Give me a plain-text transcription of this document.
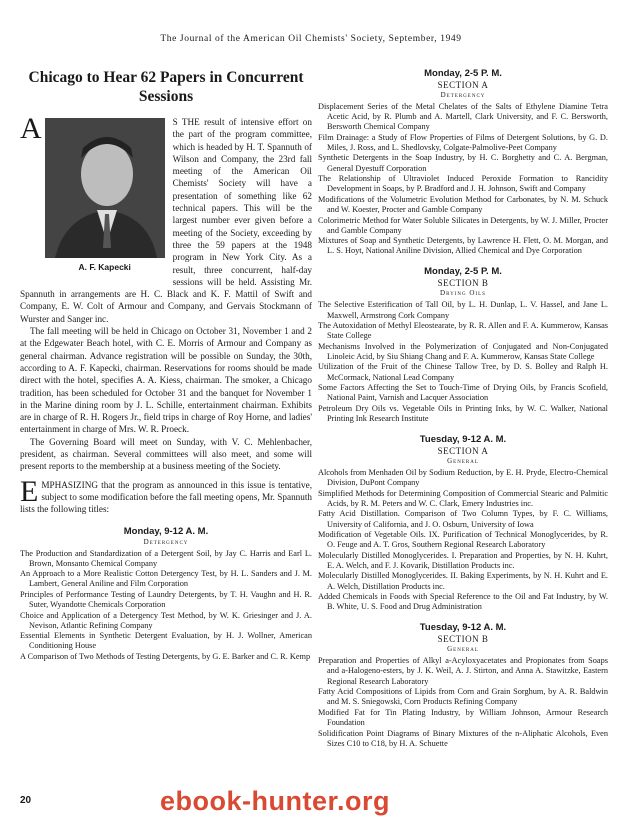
The Journal of the American Oil Chemists' Society, September, 1949
Chicago to Hear 62 Papers in Concurrent Sessions

A
A. F. Kapecki
S THE result of intensive effort on the part of the program committee, which is headed by H. T. Spannuth of Wilson and Company, the 23rd fall meeting of the American Oil Chemists' Society will have a presentation of something like 62 technical papers. This will be the largest number ever given before a meeting of the Society, exceeding by three the 59 papers at the 1948 program in New York City. As a result, three concurrent, half-day sessions will be held. Assisting Mr. Spannuth in arrangements are H. C. Black and K. F. Mattil of Swift and Company, E. W. Colt of Armour and Company, and Gervais Stockmann of Wurster and Sanger inc.

The fall meeting will be held in Chicago on October 31, November 1 and 2 at the Edgewater Beach hotel, with C. E. Morris of Armour and Company as general chairman. Advance registration will be possible on Sunday, the 30th, according to A. F. Kapecki, chairman. Reservations for rooms should be made direct with the hotel, specifies A. A. Kiess, chairman. The smoker, a Chicago tradition, has been scheduled for October 31 and the banquet for November 1 in the Marine dining room by J. L. Schille, entertainment chairman. Exhibits are in charge of R. H. Rogers Jr., field trips in charge of Roy Horne, and ladies' entertainment in charge of Mrs. W. R. Proeck.

The Governing Board will meet on Sunday, with V. C. Mehlenbacher, president, as chairman. Several committees will also meet, and some will present reports to the membership at a business meeting of the Society.

EMPHASIZING that the program as announced in this issue is tentative, subject to some modification before the fall meeting opens, Mr. Spannuth lists the following titles:

Monday, 9-12 A. M.
Detergency
The Production and Standardization of a Detergent Soil, by Jay C. Harris and Earl L. Brown, Monsanto Chemical Company
An Approach to a More Realistic Cotton Detergency Test, by H. L. Sanders and J. M. Lambert, General Aniline and Film Corporation
Principles of Performance Testing of Laundry Detergents, by T. H. Vaughn and H. R. Suter, Wyandotte Chemicals Corporation
Choice and Application of a Detergency Test Method, by W. K. Griesinger and J. A. Nevison, Atlantic Refining Company
Essential Elements in Synthetic Detergent Evaluation, by H. J. Wollner, American Conditioning House
A Comparison of Two Methods of Testing Detergents, by G. E. Barker and C. R. Kemp
Monday, 2-5 P. M.
SECTION A
Detergency
Displacement Series of the Metal Chelates of the Salts of Ethylene Diamine Tetra Acetic Acid, by R. Plumb and A. Martell, Clark University, and F. C. Bersworth, Bersworth Chemical Company
Film Drainage: a Study of Flow Properties of Films of Detergent Solutions, by G. D. Miles, J. Ross, and L. Shedlovsky, Colgate-Palmolive-Peet Company
Synthetic Detergents in the Soap Industry, by H. C. Borghetty and C. A. Bergman, General Dyestuff Corporation
The Relationship of Ultraviolet Induced Peroxide Formation to Rancidity Development in Soaps, by P. Bradford and J. H. Johnson, Swift and Company
Modifications of the Volumetric Evolution Method for Carbonates, by N. M. Schuck and W. Koester, Procter and Gamble Company
Colorimetric Method for Water Soluble Silicates in Detergents, by W. J. Miller, Procter and Gamble Company
Mixtures of Soap and Synthetic Detergents, by Lawrence H. Flett, O. M. Morgan, and L. S. Hoyt, National Aniline Division, Allied Chemical and Dye Corporation
Monday, 2-5 P. M.
SECTION B
Drying Oils
The Selective Esterification of Tall Oil, by L. H. Dunlap, L. V. Hassel, and Jane L. Maxwell, Armstrong Cork Company
The Autoxidation of Methyl Eleostearate, by R. R. Allen and F. A. Kummerow, Kansas State College
Mechanisms Involved in the Polymerization of Conjugated and Non-Conjugated Linoleic Acid, by Siu Shiang Chang and F. A. Kummerow, Kansas State College
Utilization of the Fruit of the Chinese Tallow Tree, by D. S. Bolley and Ralph H. McCormack, National Lead Company
Some Factors Affecting the Set to Touch-Time of Drying Oils, by Francis Scofield, National Paint, Varnish and Lacquer Association
Petroleum Dry Oils vs. Vegetable Oils in Printing Inks, by W. C. Walker, National Printing Ink Research Institute
Tuesday, 9-12 A. M.
SECTION A
General
Alcohols from Menhaden Oil by Sodium Reduction, by E. H. Pryde, Electro-Chemical Division, DuPont Company
Simplified Methods for Determining Composition of Commercial Stearic and Palmitic Acids, by R. M. Peters and W. C. Clark, Emery Industries inc.
Fatty Acid Distillation. Comparison of Two Column Types, by F. C. Williams, University of California, and J. O. Osburn, University of Iowa
Modification of Vegetable Oils. IX. Purification of Technical Monoglycerides, by R. O. Feuge and A. T. Gros, Southern Regional Research Laboratory
Molecularly Distilled Monoglycerides. I. Preparation and Properties, by N. H. Kuhrt, E. A. Welch, and F. J. Kovarik, Distillation Products inc.
Molecularly Distilled Monoglycerides. II. Baking Experiments, by N. H. Kuhrt and E. A. Welch, Distillation Products inc.
Added Chemicals in Foods with Special Reference to the Oil and Fat Industry, by W. B. White, U. S. Food and Drug Administration
Tuesday, 9-12 A. M.
SECTION B
General
Preparation and Properties of Alkyl a-Acyloxyacetates and Propionates from Soaps and a-Halogeno-esters, by J. K. Weil, A. J. Stirton, and Anna A. Stawitzke, Eastern Regional Research Laboratory
Fatty Acid Compositions of Lipids from Corn and Grain Sorghum, by A. R. Baldwin and M. S. Sniegowski, Corn Products Refining Company
Modified Fat for Tin Plating Industry, by William Johnson, Armour Research Foundation
Solidification Point Diagrams of Binary Mixtures of the n-Aliphatic Alcohols, Even Sizes C10 to C18, by H. A. Schuette
20	ebook-hunter.org
